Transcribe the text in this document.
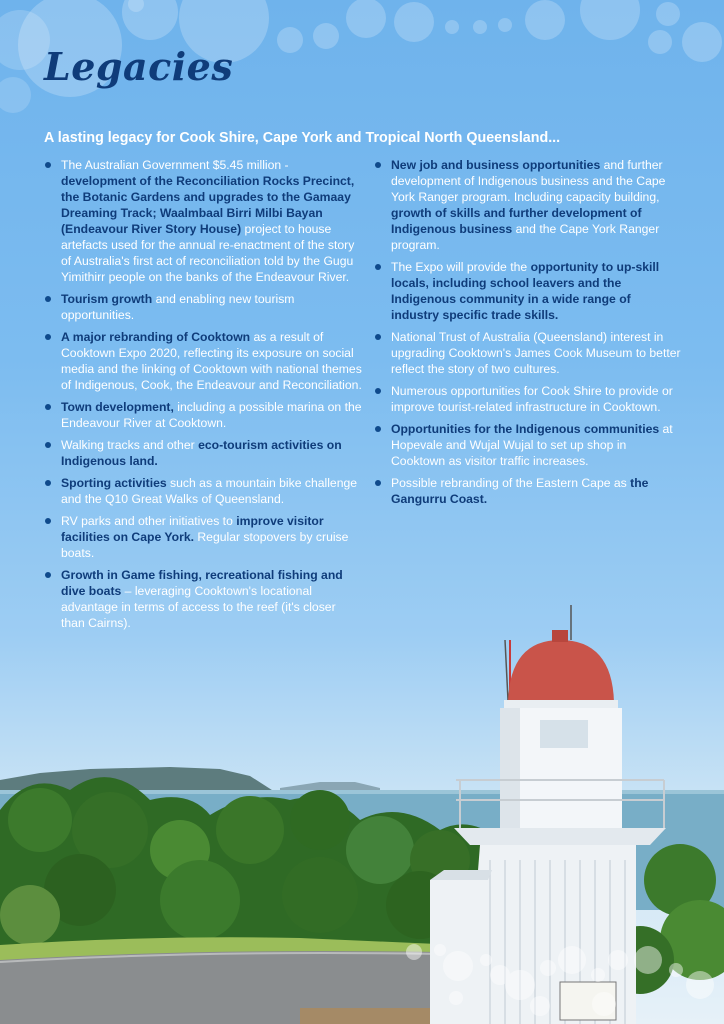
Legacies

A lasting legacy for Cook Shire, Cape York and Tropical North Queensland...

The Australian Government $5.45 million - development of the Reconciliation Rocks Precinct, the Botanic Gardens and upgrades to the Gamaay Dreaming Track; Waalmbaal Birri Milbi Bayan (Endeavour River Story House) project to house artefacts used for the annual re-enactment of the story of Australia's first act of reconciliation told by the Gugu Yimithirr people on the banks of the Endeavour River.
Tourism growth and enabling new tourism opportunities.
A major rebranding of Cooktown as a result of Cooktown Expo 2020, reflecting its exposure on social media and the linking of Cooktown with national themes of Indigenous, Cook, the Endeavour and Reconciliation.
Town development, including a possible marina on the Endeavour River at Cooktown.
Walking tracks and other eco-tourism activities on Indigenous land.
Sporting activities such as a mountain bike challenge and the Q10 Great Walks of Queensland.
RV parks and other initiatives to improve visitor facilities on Cape York. Regular stopovers by cruise boats.
Growth in Game fishing, recreational fishing and dive boats – leveraging Cooktown's locational advantage in terms of access to the reef (it's closer than Cairns).
New job and business opportunities and further development of Indigenous business and the Cape York Ranger program. Including capacity building, growth of skills and further development of Indigenous business and the Cape York Ranger program.
The Expo will provide the opportunity to up-skill locals, including school leavers and the Indigenous community in a wide range of industry specific trade skills.
National Trust of Australia (Queensland) interest in upgrading Cooktown's James Cook Museum to better reflect the story of two cultures.
Numerous opportunities for Cook Shire to provide or improve tourist-related infrastructure in Cooktown.
Opportunities for the Indigenous communities at Hopevale and Wujal Wujal to set up shop in Cooktown as visitor traffic increases.
Possible rebranding of the Eastern Cape as the Gangurru Coast.
